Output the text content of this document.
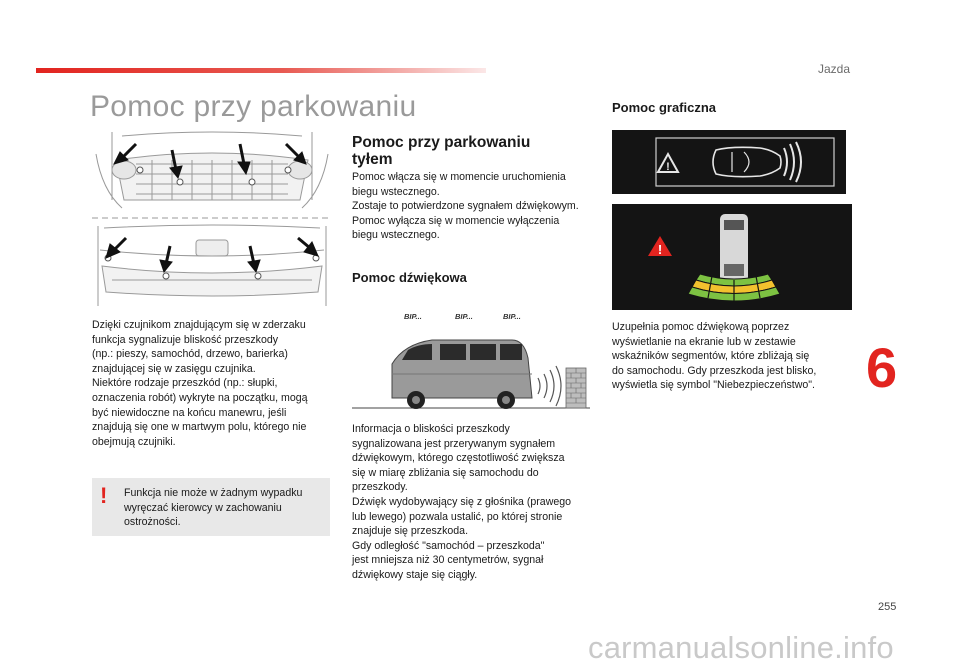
Jazda
Pomoc przy parkowaniu
Dzięki czujnikom znajdującym się w zderzaku
funkcja sygnalizuje bliskość przeszkody
(np.: pieszy, samochód, drzewo, barierka)
znajdującej się w zasięgu czujnika.
Niektóre rodzaje przeszkód (np.: słupki,
oznaczenia robót) wykryte na początku, mogą
być niewidoczne na końcu manewru, jeśli
znajdują się one w martwym polu, którego nie
obejmują czujniki.
! Funkcja nie może w żadnym wypadku
wyręczać kierowcy w zachowaniu
ostrożności.
Pomoc przy parkowaniu
tyłem
Pomoc włącza się w momencie uruchomienia
biegu wstecznego.
Zostaje to potwierdzone sygnałem dźwiękowym.
Pomoc wyłącza się w momencie wyłączenia
biegu wstecznego.
Pomoc dźwiękowa
BIP...	BIP...	BIP...
Informacja o bliskości przeszkody
sygnalizowana jest przerywanym sygnałem
dźwiękowym, którego częstotliwość zwiększa
się w miarę zbliżania się samochodu do
przeszkody.
Dźwięk wydobywający się z głośnika (prawego
lub lewego) pozwala ustalić, po której stronie
znajduje się przeszkoda.
Gdy odległość "samochód – przeszkoda"
jest mniejsza niż 30 centymetrów, sygnał
dźwiękowy staje się ciągły.
Pomoc graficzna
!
!
Uzupełnia pomoc dźwiękową poprzez
wyświetlanie na ekranie lub w zestawie
wskaźników segmentów, które zbliżają się
do samochodu. Gdy przeszkoda jest blisko,
wyświetla się symbol "Niebezpieczeństwo". 6
255
carmanualsonline.info
